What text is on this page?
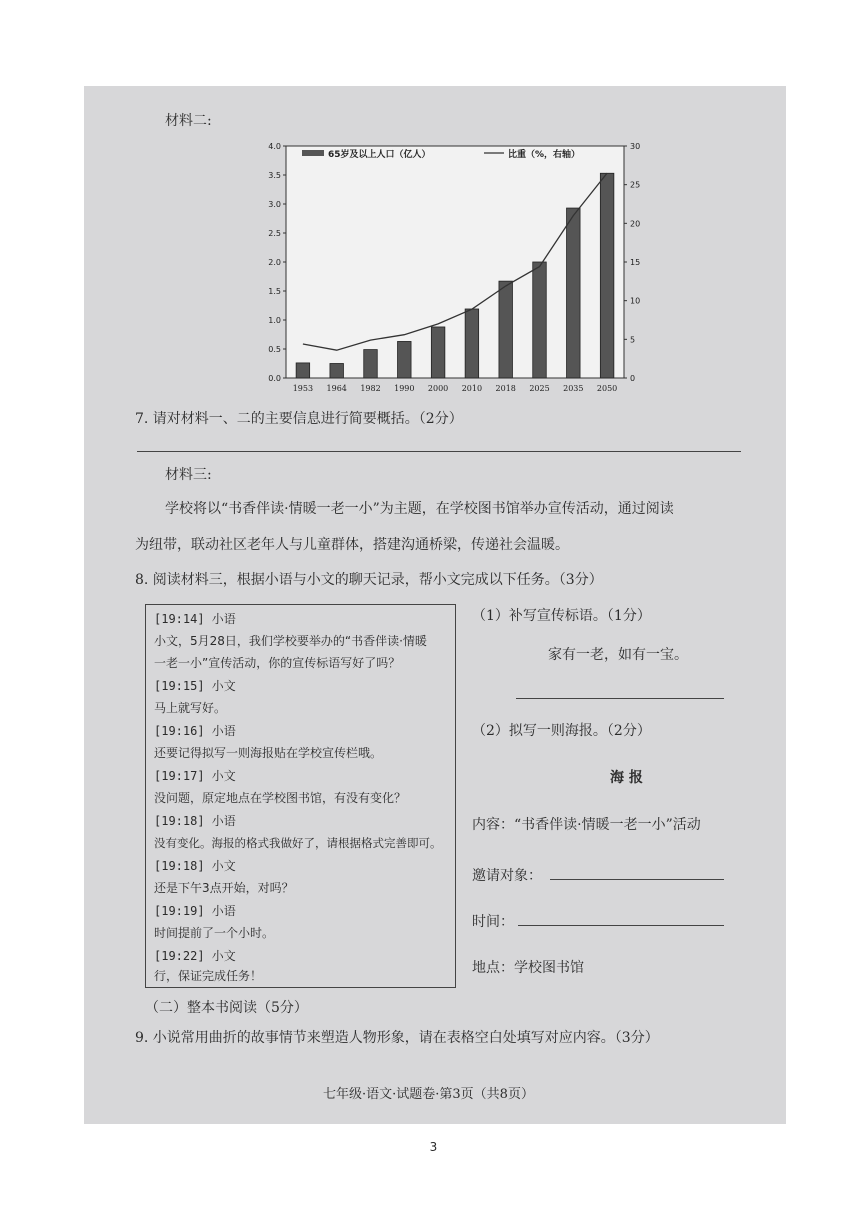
材料二:
0.0
0.5
1.0
1.5
2.0
2.5
3.0
3.5
4.0
0
5
10
15
20
25
30
1953 1964 1982 1990 2000 2010 2018 2025 2035 2050
65岁及以上人口（亿人）	比重（%，右轴）
7. 请对材料一、二的主要信息进行简要概括。（2分）
材料三:
学校将以“书香伴读·情暖一老一小”为主题，在学校图书馆举办宣传活动，通过阅读
为纽带，联动社区老年人与儿童群体，搭建沟通桥梁，传递社会温暖。
8. 阅读材料三，根据小语与小文的聊天记录，帮小文完成以下任务。（3分）
[19:14] 小语
小文，5月28日，我们学校要举办的“书香伴读·情暖
一老一小”宣传活动，你的宣传标语写好了吗？
[19:15] 小文
马上就写好。
[19:16] 小语
还要记得拟写一则海报贴在学校宣传栏哦。
[19:17] 小文
没问题，原定地点在学校图书馆，有没有变化？
[19:18] 小语
没有变化。海报的格式我做好了，请根据格式完善即可。
[19:18] 小文
还是下午3点开始，对吗？
[19:19] 小语
时间提前了一个小时。
[19:22] 小文
行，保证完成任务！
（1）补写宣传标语。（1分）
家有一老，如有一宝。
（2）拟写一则海报。（2分）
海 报
内容：“书香伴读·情暖一老一小”活动
邀请对象：
时间：
地点：学校图书馆
（二）整本书阅读（5分）
9. 小说常用曲折的故事情节来塑造人物形象，请在表格空白处填写对应内容。（3分）
七年级·语文·试题卷·第3页（共8页）
3
